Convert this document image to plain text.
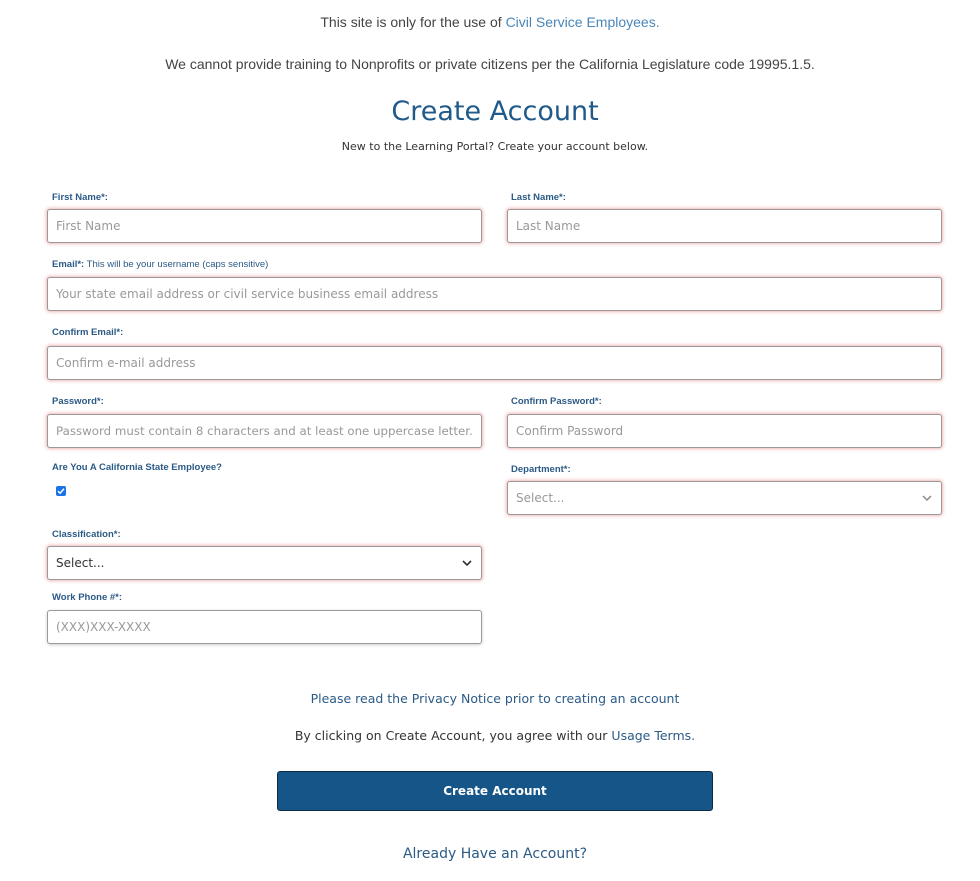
This site is only for the use of Civil Service Employees.
We cannot provide training to Nonprofits or private citizens per the California Legislature code 19995.1.5.
Create Account
New to the Learning Portal? Create your account below.
First Name*:
First Name
Last Name*:
Last Name
Email*: This will be your username (caps sensitive)
Your state email address or civil service business email address
Confirm Email*:
Confirm e-mail address
Password*:
Password must contain 8 characters and at least one uppercase letter.
Confirm Password*:
Confirm Password
Are You A California State Employee?	Department*:
Select...
Classification*:
Select...
Work Phone #*:
(XXX)XXX-XXXX
Please read the Privacy Notice prior to creating an account
By clicking on Create Account, you agree with our Usage Terms.
Create Account
Already Have an Account?
